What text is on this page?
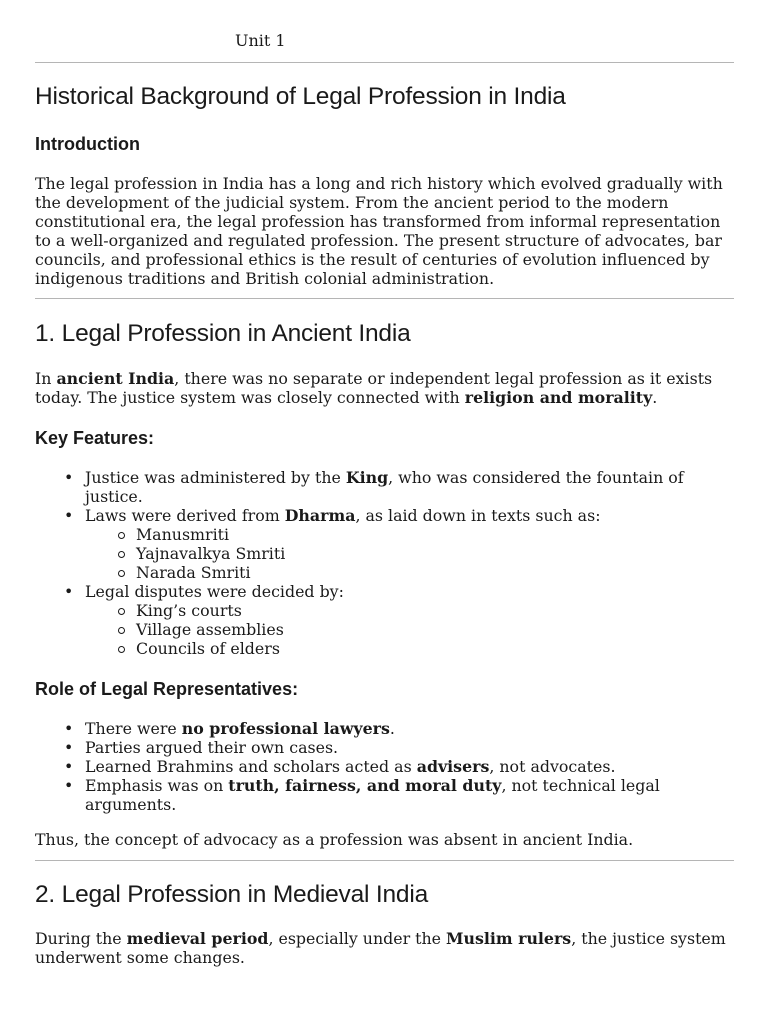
Unit 1
Historical Background of Legal Profession in India
Introduction

The legal profession in India has a long and rich history which evolved gradually with the development of the judicial system. From the ancient period to the modern constitutional era, the legal profession has transformed from informal representation to a well-organized and regulated profession. The present structure of advocates, bar councils, and professional ethics is the result of centuries of evolution influenced by indigenous traditions and British colonial administration.

1. Legal Profession in Ancient India

In ancient India, there was no separate or independent legal profession as it exists today. The justice system was closely connected with religion and morality.

Key Features:
• Justice was administered by the King, who was considered the fountain of justice.
• Laws were derived from Dharma, as laid down in texts such as:
Manusmriti
Yajnavalkya Smriti
Narada Smriti
• Legal disputes were decided by:
King’s courts
Village assemblies
Councils of elders
Role of Legal Representatives:
• There were no professional lawyers.
• Parties argued their own cases.
• Learned Brahmins and scholars acted as advisers, not advocates.
• Emphasis was on truth, fairness, and moral duty, not technical legal arguments.

Thus, the concept of advocacy as a profession was absent in ancient India.

2. Legal Profession in Medieval India

During the medieval period, especially under the Muslim rulers, the justice system underwent some changes.
